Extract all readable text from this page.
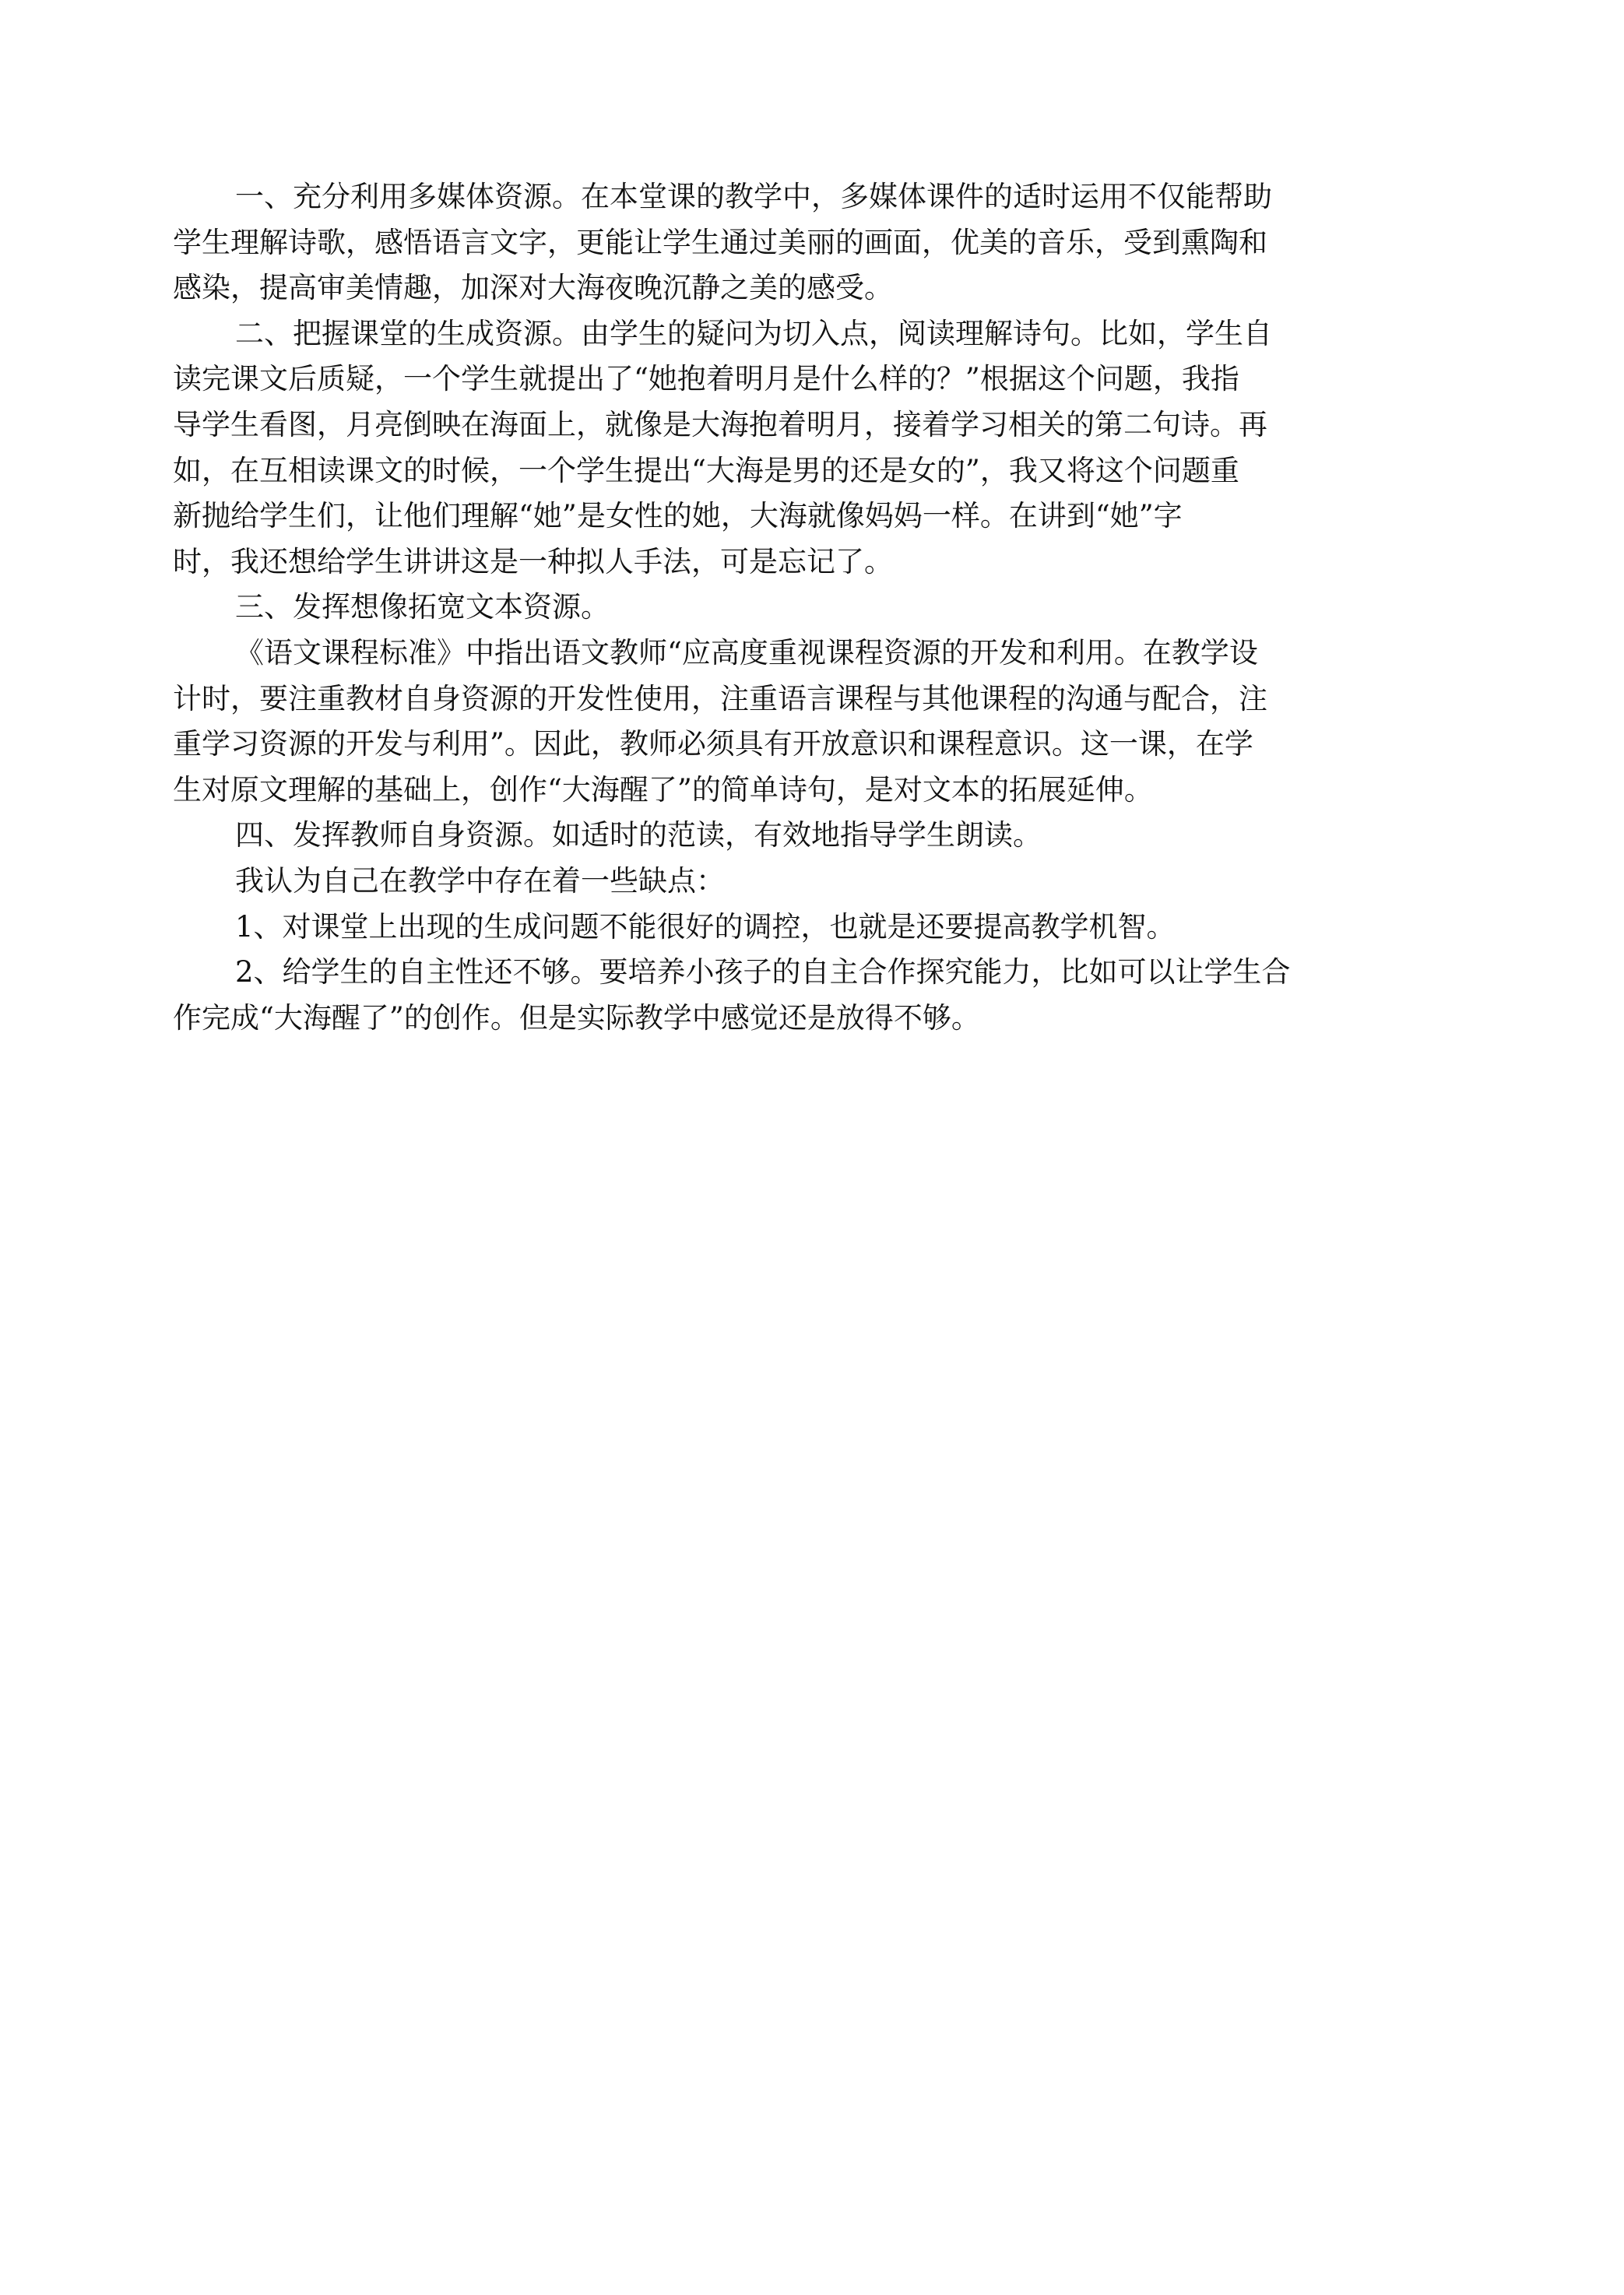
一、充分利用多媒体资源。在本堂课的教学中，多媒体课件的适时运用不仅能帮助
学生理解诗歌，感悟语言文字，更能让学生通过美丽的画面，优美的音乐，受到熏陶和
感染，提高审美情趣，加深对大海夜晚沉静之美的感受。
二、把握课堂的生成资源。由学生的疑问为切入点，阅读理解诗句。比如，学生自
读完课文后质疑，一个学生就提出了“她抱着明月是什么样的？”根据这个问题，我指
导学生看图，月亮倒映在海面上，就像是大海抱着明月，接着学习相关的第二句诗。再
如，在互相读课文的时候，一个学生提出“大海是男的还是女的”，我又将这个问题重
新抛给学生们，让他们理解“她”是女性的她，大海就像妈妈一样。在讲到“她”字
时，我还想给学生讲讲这是一种拟人手法，可是忘记了。
三、发挥想像拓宽文本资源。
《语文课程标准》中指出语文教师“应高度重视课程资源的开发和利用。在教学设
计时，要注重教材自身资源的开发性使用，注重语言课程与其他课程的沟通与配合，注
重学习资源的开发与利用”。因此，教师必须具有开放意识和课程意识。这一课，在学
生对原文理解的基础上，创作“大海醒了”的简单诗句，是对文本的拓展延伸。
四、发挥教师自身资源。如适时的范读，有效地指导学生朗读。
我认为自己在教学中存在着一些缺点：
1、对课堂上出现的生成问题不能很好的调控，也就是还要提高教学机智。
2、给学生的自主性还不够。要培养小孩子的自主合作探究能力，比如可以让学生合
作完成“大海醒了”的创作。但是实际教学中感觉还是放得不够。
